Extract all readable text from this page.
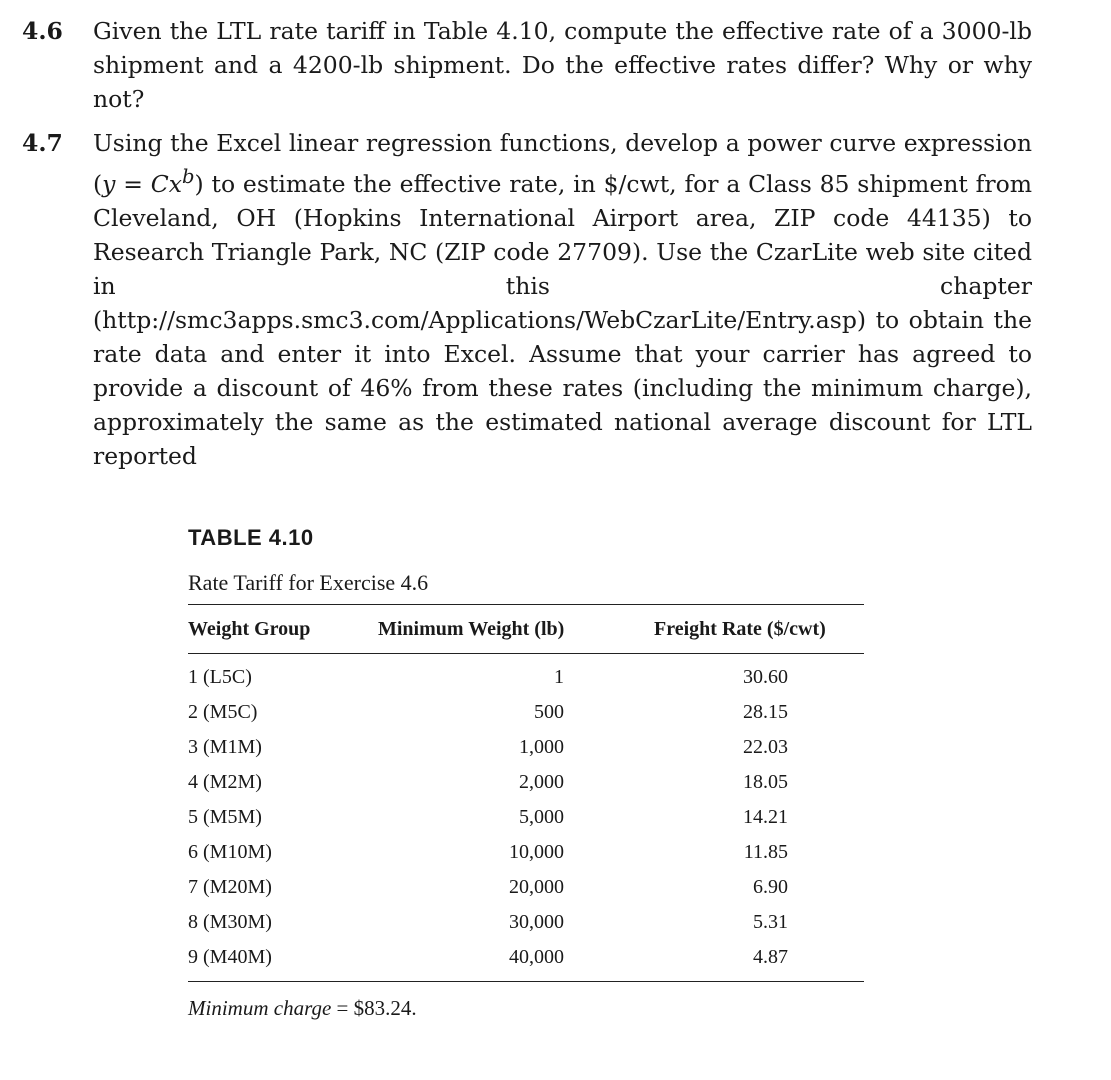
4.6	Given the LTL rate tariff in Table 4.10, compute the effective rate of a 3000-lb shipment and a 4200-lb shipment. Do the effective rates differ? Why or why not?
4.7	Using the Excel linear regression functions, develop a power curve expression $(y = Cx^b)$ to estimate the effective rate, in $/cwt, for a Class 85 shipment from Cleveland, OH (Hopkins International Airport area, ZIP code 44135) to Research Triangle Park, NC (ZIP code 27709). Use the CzarLite web site cited in this chapter (http://smc3apps.smc3.com/Applications/WebCzarLite/Entry.asp) to obtain the rate data and enter it into Excel. Assume that your carrier has agreed to provide a discount of 46% from these rates (including the minimum charge), approximately the same as the estimated national average discount for LTL reported
TABLE 4.10
Rate Tariff for Exercise 4.6
Weight Group	Minimum Weight (lb)	Freight Rate ($/cwt)
1 (L5C)	1	30.60
2 (M5C)	500	28.15
3 (M1M)	1,000	22.03
4 (M2M)	2,000	18.05
5 (M5M)	5,000	14.21
6 (M10M)	10,000	11.85
7 (M20M)	20,000	6.90
8 (M30M)	30,000	5.31
9 (M40M)	40,000	4.87
Minimum charge = $83.24.
